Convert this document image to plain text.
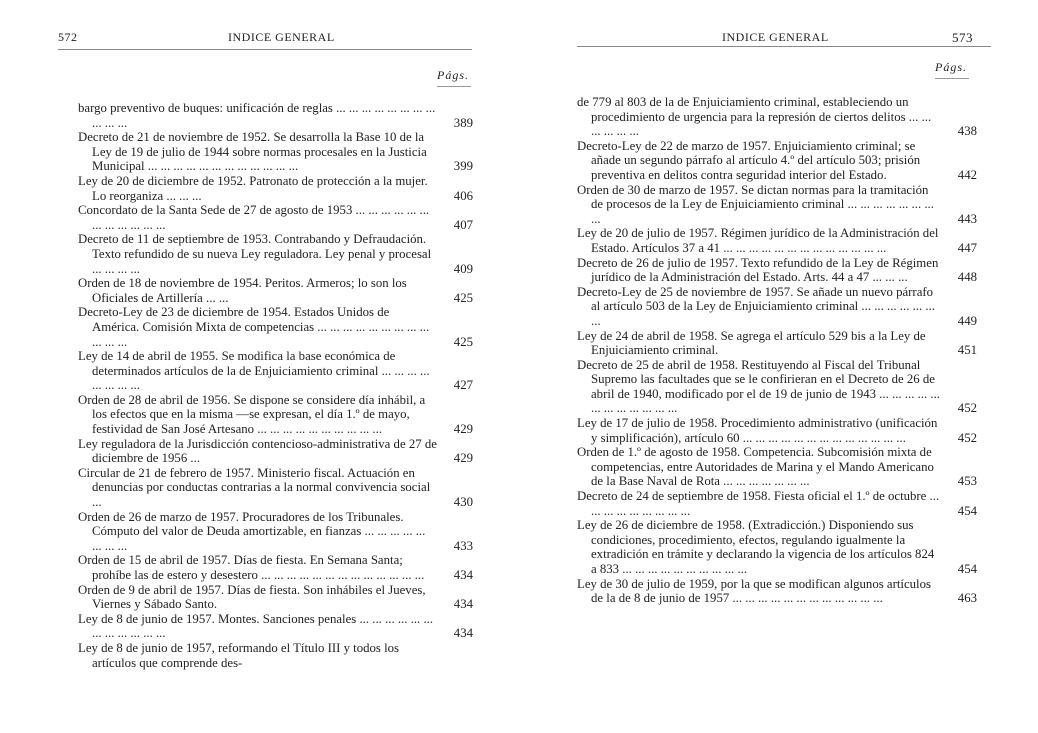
572	INDICE GENERAL
Págs.
bargo preventivo de buques: unificación de reglas ... ... ... ... ... ... ... ... ... ... ...	389
Decreto de 21 de noviembre de 1952. Se desarrolla la Base 10 de la Ley de 19 de julio de 1944 sobre normas procesales en la Justicia Municipal ... ... ... ... ... ... ... ... ... ... ... ...	399
Ley de 20 de diciembre de 1952. Patronato de protección a la mujer. Lo reorganiza ... ... ...	406
Concordato de la Santa Sede de 27 de agosto de 1953 ... ... ... ... ... ... ... ... ... ... ... ...	407
Decreto de 11 de septiembre de 1953. Contrabando y Defraudación. Texto refundido de su nueva Ley reguladora. Ley penal y procesal ... ... ... ...	409
Orden de 18 de noviembre de 1954. Peritos. Armeros; lo son los Oficiales de Artillería ... ...	425
Decreto-Ley de 23 de diciembre de 1954. Estados Unidos de América. Comisión Mixta de competencias ... ... ... ... ... ... ... ... ... ... ... ...	425
Ley de 14 de abril de 1955. Se modifica la base económica de determinados artículos de la de Enjuiciamiento criminal ... ... ... ... ... ... ... ...	427
Orden de 28 de abril de 1956. Se dispone se considere día inhábil, a los efectos que en la misma —se expresan, el día 1.º de mayo, festividad de San José Artesano ... ... ... ... ... ... ... ... ... ...	429
Ley reguladora de la Jurisdicción contencioso-administrativa de 27 de diciembre de 1956 ...	429
Circular de 21 de febrero de 1957. Ministerio fiscal. Actuación en denuncias por conductas contrarias a la normal convivencia social ...	430
Orden de 26 de marzo de 1957. Procuradores de los Tribunales. Cómputo del valor de Deuda amortizable, en fianzas ... ... ... ... ... ... ... ...	433
Orden de 15 de abril de 1957. Días de fiesta. En Semana Santa; prohíbe las de estero y desestero ... ... ... ... ... ... ... ... ... ... ... ... ...	434
Orden de 9 de abril de 1957. Días de fiesta. Son inhábiles el Jueves, Viernes y Sábado Santo.	434
Ley de 8 de junio de 1957. Montes. Sanciones penales ... ... ... ... ... ... ... ... ... ... ... ...	434
Ley de 8 de junio de 1957, reformando el Título III y todos los artículos que comprende des-
INDICE GENERAL	573
Págs.
de 779 al 803 de la de Enjuiciamiento criminal, estableciendo un procedimiento de urgencia para la represión de ciertos delitos ... ... ... ... ... ...	438
Decreto-Ley de 22 de marzo de 1957. Enjuiciamiento criminal; se añade un segundo párrafo al artículo 4.º del artículo 503; prisión preventiva en delitos contra seguridad interior del Estado.	442
Orden de 30 de marzo de 1957. Se dictan normas para la tramitación de procesos de la Ley de Enjuiciamiento criminal ... ... ... ... ... ... ... ...	443
Ley de 20 de julio de 1957. Régimen jurídico de la Administración del Estado. Artículos 37 a 41 ... ... ... ... ... ... ... ... ... ... ... ... ...	447
Decreto de 26 de julio de 1957. Texto refundido de la Ley de Régimen jurídico de la Administración del Estado. Arts. 44 a 47 ... ... ...	448
Decreto-Ley de 25 de noviembre de 1957. Se añade un nuevo párrafo al artículo 503 de la Ley de Enjuiciamiento criminal ... ... ... ... ... ... ...	449
Ley de 24 de abril de 1958. Se agrega el artículo 529 bis a la Ley de Enjuiciamiento criminal.	451
Decreto de 25 de abril de 1958. Restituyendo al Fiscal del Tribunal Supremo las facultades que se le confirieran en el Decreto de 26 de abril de 1940, modificado por el de 19 de junio de 1943 ... ... ... ... ... ... ... ... ... ... ... ...	452
Ley de 17 de julio de 1958. Procedimiento administrativo (unificación y simplificación), artículo 60 ... ... ... ... ... ... ... ... ... ... ... ... ...	452
Orden de 1.º de agosto de 1958. Competencia. Subcomisión mixta de competencias, entre Autoridades de Marina y el Mando Americano de la Base Naval de Rota ... ... ... ... ... ... ...	453
Decreto de 24 de septiembre de 1958. Fiesta oficial el 1.º de octubre ... ... ... ... ... ... ... ... ...	454
Ley de 26 de diciembre de 1958. (Extradicción.) Disponiendo sus condiciones, procedimiento, efectos, regulando igualmente la extradición en trámite y declarando la vigencia de los artículos 824 a 833 ... ... ... ... ... ... ... ... ... ...	454
Ley de 30 de julio de 1959, por la que se modifican algunos artículos de la de 8 de junio de 1957 ... ... ... ... ... ... ... ... ... ... ... ...	463
